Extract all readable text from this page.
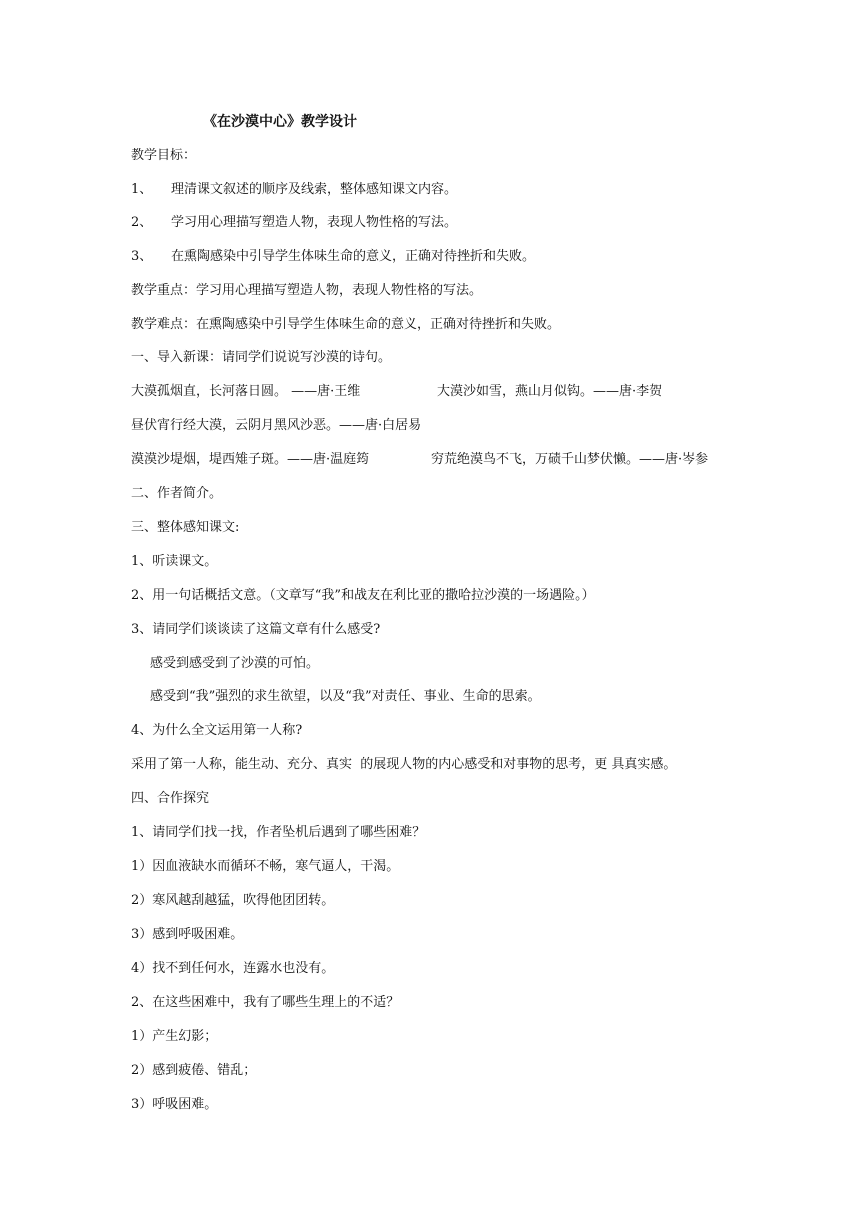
《在沙漠中心》教学设计
教学目标：
1、 理清课文叙述的顺序及线索，整体感知课文内容。
2、 学习用心理描写塑造人物，表现人物性格的写法。
3、 在熏陶感染中引导学生体味生命的意义，正确对待挫折和失败。
教学重点：学习用心理描写塑造人物，表现人物性格的写法。
教学难点：在熏陶感染中引导学生体味生命的意义，正确对待挫折和失败。
一、导入新课：请同学们说说写沙漠的诗句。
大漠孤烟直，长河落日圆。 ——唐·王维	大漠沙如雪，燕山月似钩。——唐·李贺
昼伏宵行经大漠，云阴月黑风沙恶。——唐·白居易
漠漠沙堤烟，堤西雉子斑。——唐·温庭筠	穷荒绝漠鸟不飞，万碛千山梦伏懒。——唐·岑参
二、作者简介。
三、整体感知课文:
1、听读课文。
2、用一句话概括文意。（文章写“我”和战友在利比亚的撒哈拉沙漠的一场遇险。）
3、请同学们谈谈读了这篇文章有什么感受?
感受到感受到了沙漠的可怕。
感受到“我”强烈的求生欲望，以及“我”对责任、事业、生命的思索。
4、为什么全文运用第一人称?
采用了第一人称，能生动、充分、真实  的展现人物的内心感受和对事物的思考，更 具真实感。
四、合作探究
1、请同学们找一找，作者坠机后遇到了哪些困难？
1）因血液缺水而循环不畅，寒气逼人，干渴。
2）寒风越刮越猛，吹得他团团转。
3）感到呼吸困难。
4）找不到任何水，连露水也没有。
2、在这些困难中，我有了哪些生理上的不适？
1）产生幻影；
2）感到疲倦、错乱；
3）呼吸困难。
